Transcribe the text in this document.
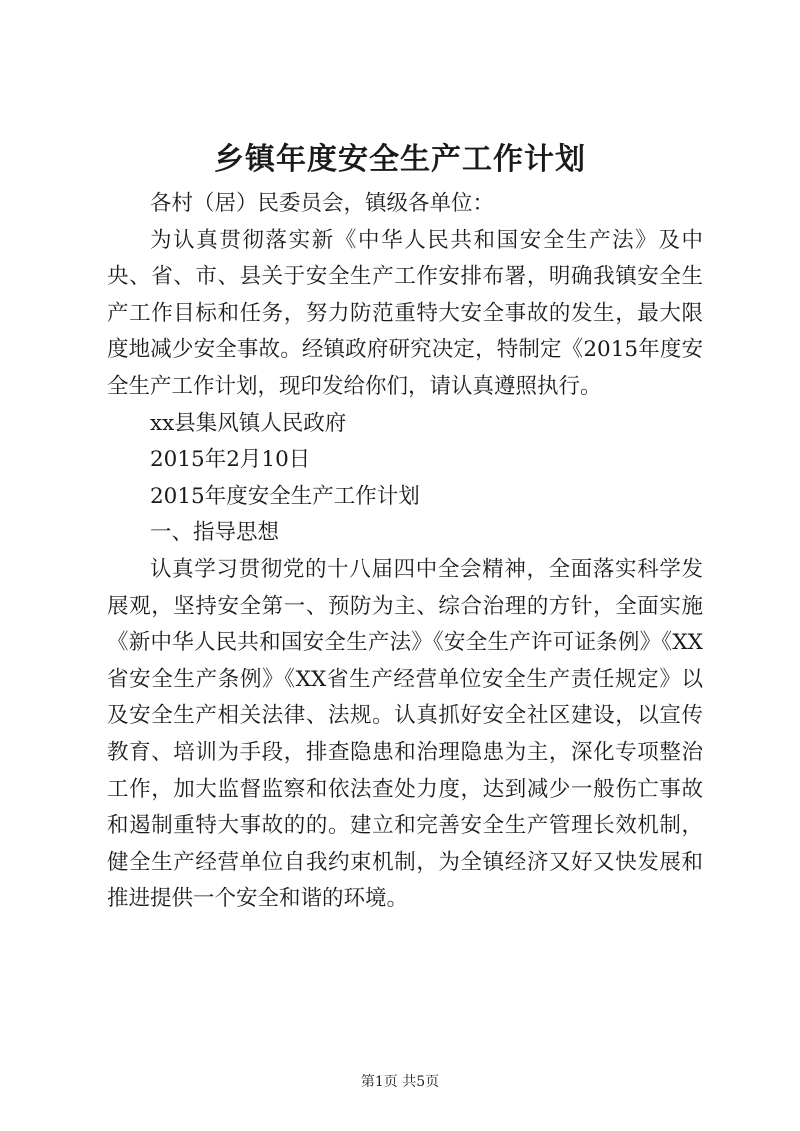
乡镇年度安全生产工作计划

各村（居）民委员会，镇级各单位：

为认真贯彻落实新《中华人民共和国安全生产法》及中央、省、市、县关于安全生产工作安排布署，明确我镇安全生产工作目标和任务，努力防范重特大安全事故的发生，最大限度地减少安全事故。经镇政府研究决定，特制定《2015年度安全生产工作计划，现印发给你们，请认真遵照执行。

xx县集风镇人民政府

2015年2月10日

2015年度安全生产工作计划

一、指导思想

认真学习贯彻党的十八届四中全会精神，全面落实科学发展观，坚持安全第一、预防为主、综合治理的方针，全面实施《新中华人民共和国安全生产法》《安全生产许可证条例》《XX省安全生产条例》《XX省生产经营单位安全生产责任规定》以及安全生产相关法律、法规。认真抓好安全社区建设，以宣传教育、培训为手段，排查隐患和治理隐患为主，深化专项整治工作，加大监督监察和依法查处力度，达到减少一般伤亡事故和遏制重特大事故的的。建立和完善安全生产管理长效机制，健全生产经营单位自我约束机制，为全镇经济又好又快发展和推进提供一个安全和谐的环境。

第1页 共5页
